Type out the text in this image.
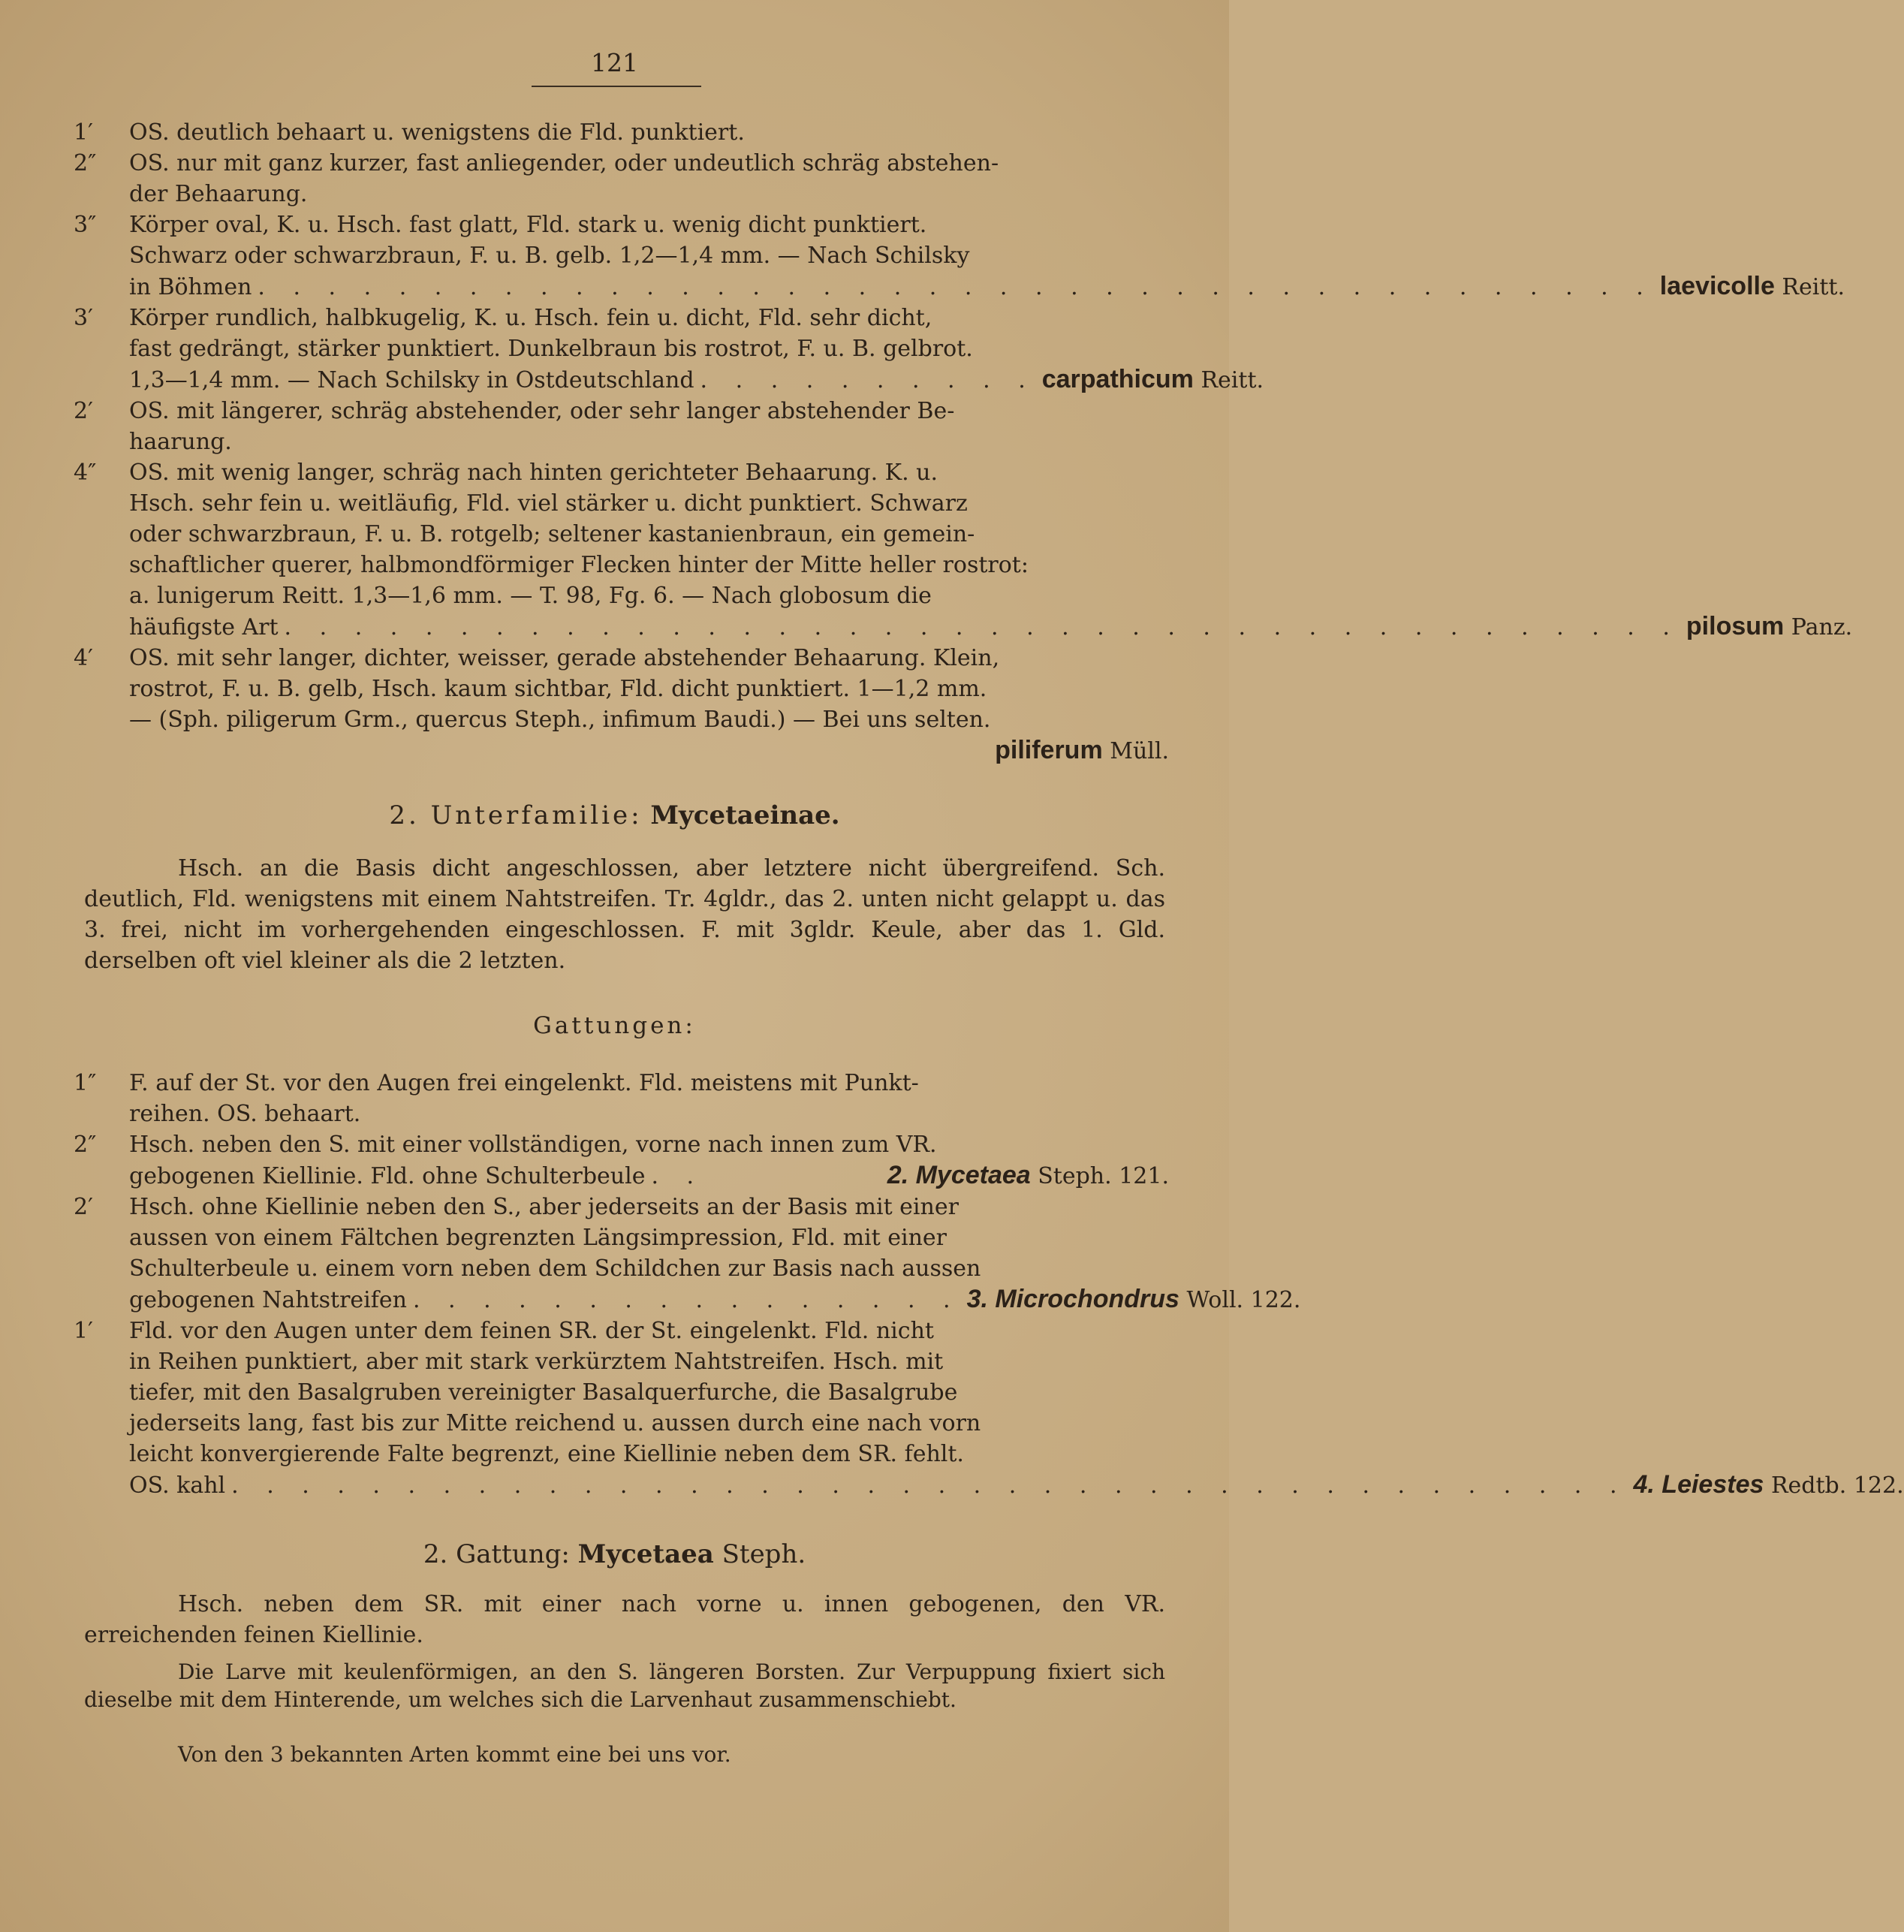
121
1′ OS. deutlich behaart u. wenigstens die Fld. punktiert.
2″ OS. nur mit ganz kurzer, fast anliegender, oder undeutlich schräg abstehen-
der Behaarung.
3″ Körper oval, K. u. Hsch. fast glatt, Fld. stark u. wenig dicht punktiert.
Schwarz oder schwarzbraun, F. u. B. gelb. 1,2—1,4 mm. — Nach Schilsky
in Böhmen . . . . . . . . . . . . . . . . . . . . . . . . . . . . . . . . . . . . . . . . laevicolle Reitt.
3′ Körper rundlich, halbkugelig, K. u. Hsch. fein u. dicht, Fld. sehr dicht,
fast gedrängt, stärker punktiert. Dunkelbraun bis rostrot, F. u. B. gelbrot.
1,3—1,4 mm. — Nach Schilsky in Ostdeutschland . . . . . . . . . . carpathicum Reitt.
2′ OS. mit längerer, schräg abstehender, oder sehr langer abstehender Be-
haarung.
4″ OS. mit wenig langer, schräg nach hinten gerichteter Behaarung. K. u.
Hsch. sehr fein u. weitläufig, Fld. viel stärker u. dicht punktiert. Schwarz
oder schwarzbraun, F. u. B. rotgelb; seltener kastanienbraun, ein gemein-
schaftlicher querer, halbmondförmiger Flecken hinter der Mitte heller rostrot:
a. lunigerum Reitt. 1,3—1,6 mm. — T. 98, Fg. 6. — Nach globosum die
häufigste Art . . . . . . . . . . . . . . . . . . . . . . . . . . . . . . . . . . . . . . . . pilosum Panz.
4′ OS. mit sehr langer, dichter, weisser, gerade abstehender Behaarung. Klein,
rostrot, F. u. B. gelb, Hsch. kaum sichtbar, Fld. dicht punktiert. 1—1,2 mm.
— (Sph. piligerum Grm., quercus Steph., infimum Baudi.) — Bei uns selten.
piliferum Müll.
2. Unterfamilie: Mycetaeinae.

Hsch. an die Basis dicht angeschlossen, aber letztere nicht übergreifend. Sch. deutlich, Fld. wenigstens mit einem Nahtstreifen. Tr. 4gldr., das 2. unten nicht gelappt u. das 3. frei, nicht im vorhergehenden eingeschlossen. F. mit 3gldr. Keule, aber das 1. Gld. derselben oft viel kleiner als die 2 letzten.

Gattungen:
1″ F. auf der St. vor den Augen frei eingelenkt. Fld. meistens mit Punkt-
reihen. OS. behaart.
2″ Hsch. neben den S. mit einer vollständigen, vorne nach innen zum VR.
gebogenen Kiellinie. Fld. ohne Schulterbeule . .	2. Mycetaea Steph. 121.
2′ Hsch. ohne Kiellinie neben den S., aber jederseits an der Basis mit einer
aussen von einem Fältchen begrenzten Längsimpression, Fld. mit einer
Schulterbeule u. einem vorn neben dem Schildchen zur Basis nach aussen
gebogenen Nahtstreifen . . . . . . . . . . . . . . . . 3. Microchondrus Woll. 122.
1′ Fld. vor den Augen unter dem feinen SR. der St. eingelenkt. Fld. nicht
in Reihen punktiert, aber mit stark verkürztem Nahtstreifen. Hsch. mit
tiefer, mit den Basalgruben vereinigter Basalquerfurche, die Basalgrube
jederseits lang, fast bis zur Mitte reichend u. aussen durch eine nach vorn
leicht konvergierende Falte begrenzt, eine Kiellinie neben dem SR. fehlt.
OS. kahl . . . . . . . . . . . . . . . . . . . . . . . . . . . . . . . . . . . . . . . . 4. Leiestes Redtb. 122.
2. Gattung: Mycetaea Steph.

Hsch. neben dem SR. mit einer nach vorne u. innen gebogenen, den VR. erreichenden feinen Kiellinie.

Die Larve mit keulenförmigen, an den S. längeren Borsten. Zur Verpuppung fixiert sich dieselbe mit dem Hinterende, um welches sich die Larvenhaut zusammenschiebt.

Von den 3 bekannten Arten kommt eine bei uns vor.
